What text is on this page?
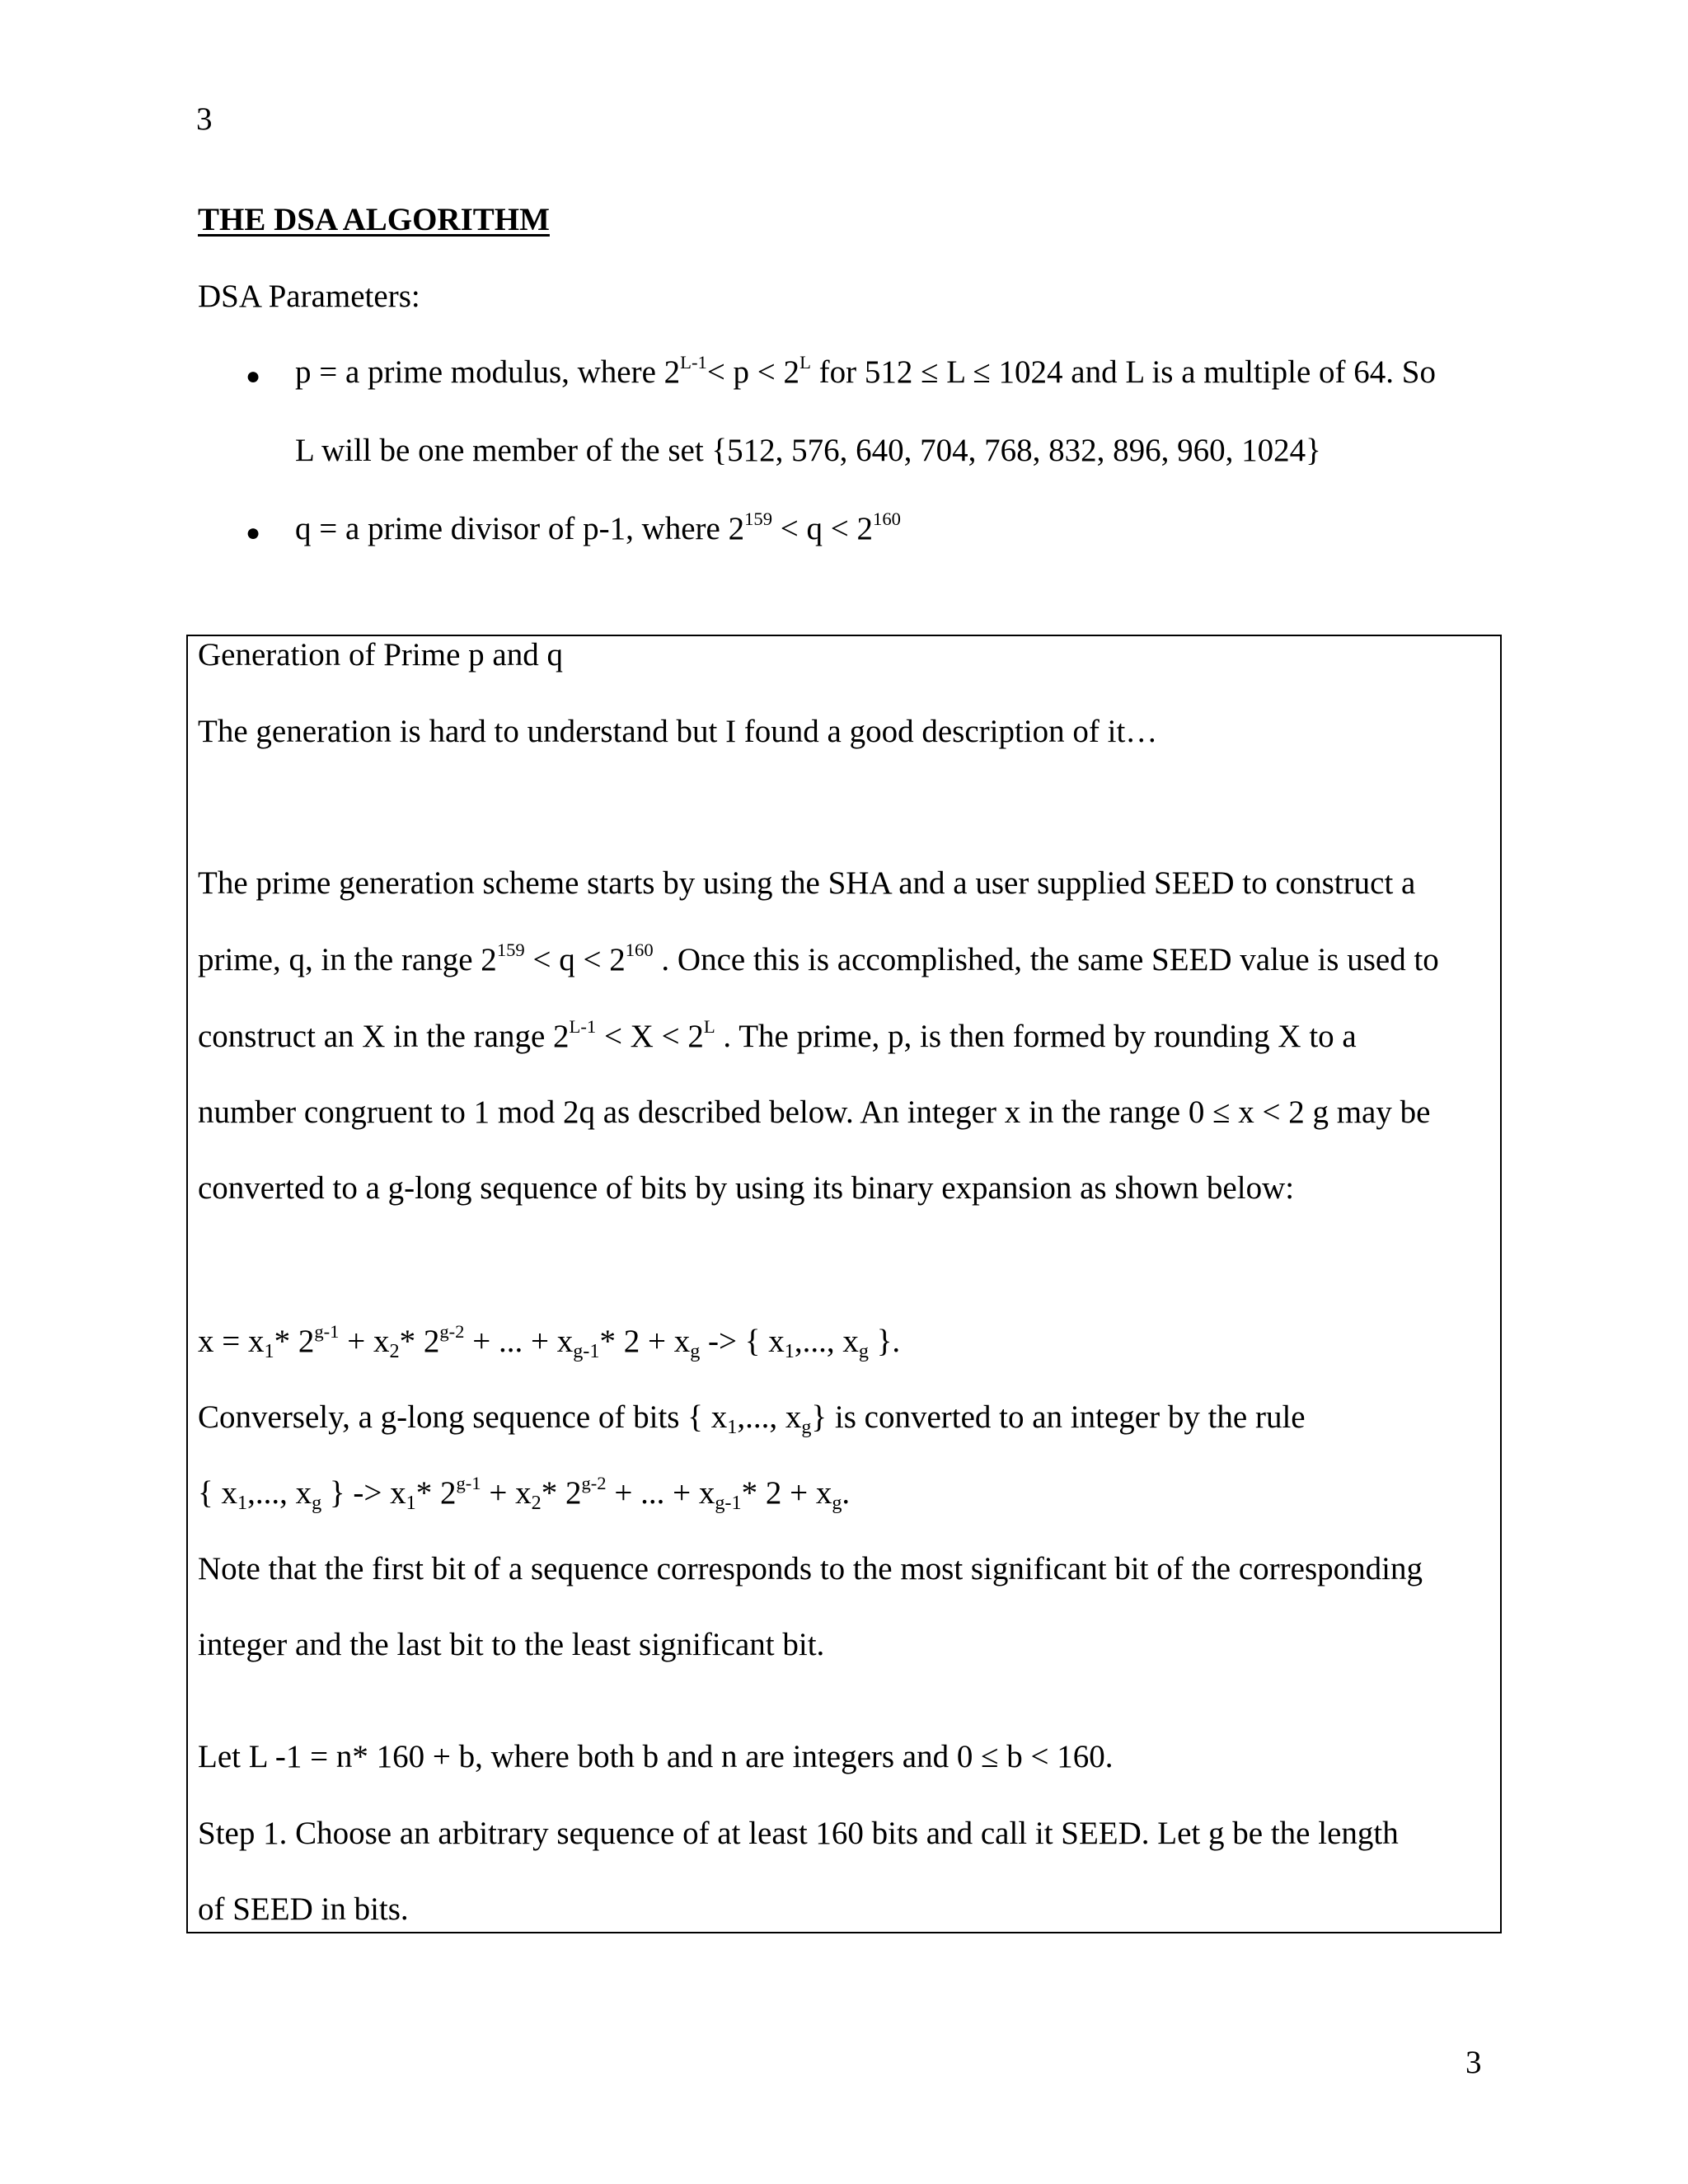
3
THE DSA ALGORITHM
DSA Parameters:
● p = a prime modulus, where $2^{L-1}< p < 2^L$ for 512 ≤ L ≤ 1024 and L is a multiple of 64. So
L will be one member of the set {512, 576, 640, 704, 768, 832, 896, 960, 1024}
● q = a prime divisor of p-1, where $2^{159} < q < 2^{160}$
Generation of Prime p and q
The generation is hard to understand but I found a good description of it…
The prime generation scheme starts by using the SHA and a user supplied SEED to construct a
prime, q, in the range $2^{159} < q < 2^{160}$ . Once this is accomplished, the same SEED value is used to
construct an X in the range $2^{L-1} < X < 2^L$ . The prime, p, is then formed by rounding X to a
number congruent to 1 mod 2q as described below. An integer x in the range 0 ≤ x < 2 g may be
converted to a g-long sequence of bits by using its binary expansion as shown below:
$x = x_1*$ $2^{g-1} + x_2*$ $2^{g-2}$ + ... + $x_{g-1}*$ $2 + x_g$ -> { $x_1$,..., $x_g$ }.
Conversely, a g-long sequence of bits { $x_1$,..., $x_g$} is converted to an integer by the rule
{ $x_1$,..., $x_g$ } -> $x_1*$ $2^{g-1} + x_2*$ $2^{g-2}$ + ... + $x_{g-1}*$ $2 + x_g$.
Note that the first bit of a sequence corresponds to the most significant bit of the corresponding
integer and the last bit to the least significant bit.
Let L -1 = n* 160 + b, where both b and n are integers and 0 ≤ b < 160.
Step 1. Choose an arbitrary sequence of at least 160 bits and call it SEED. Let g be the length
of SEED in bits.
3
